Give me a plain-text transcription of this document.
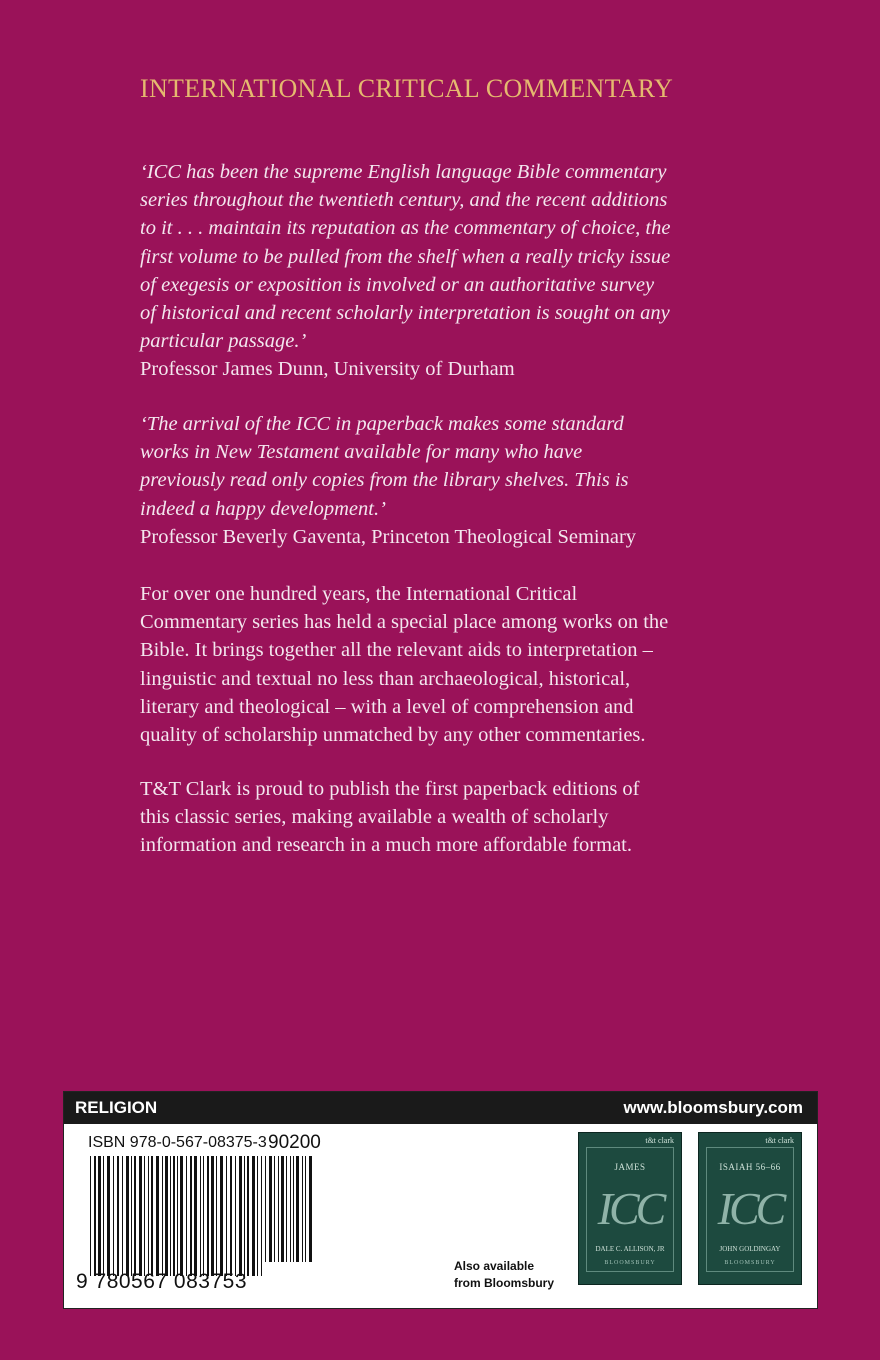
INTERNATIONAL CRITICAL COMMENTARY
‘ICC has been the supreme English language Bible commentary
series throughout the twentieth century, and the recent additions
to it . . . maintain its reputation as the commentary of choice, the
first volume to be pulled from the shelf when a really tricky issue
of exegesis or exposition is involved or an authoritative survey
of historical and recent scholarly interpretation is sought on any
particular passage.’
Professor James Dunn, University of Durham
‘The arrival of the ICC in paperback makes some standard
works in New Testament available for many who have
previously read only copies from the library shelves. This is
indeed a happy development.’
Professor Beverly Gaventa, Princeton Theological Seminary
For over one hundred years, the International Critical
Commentary series has held a special place among works on the
Bible. It brings together all the relevant aids to interpretation –
linguistic and textual no less than archaeological, historical,
literary and theological – with a level of comprehension and
quality of scholarship unmatched by any other commentaries.
T&T Clark is proud to publish the first paperback editions of
this classic series, making available a wealth of scholarly
information and research in a much more affordable format.
RELIGION	www.bloomsbury.com
ISBN 978-0-567-08375-3 90200
9 780567 083753
Also available
from Bloomsbury
t&t clark
JAMES
ICC
DALE C. ALLISON, JR
BLOOMSBURY
t&t clark
ISAIAH 56–66
ICC
JOHN GOLDINGAY
BLOOMSBURY
